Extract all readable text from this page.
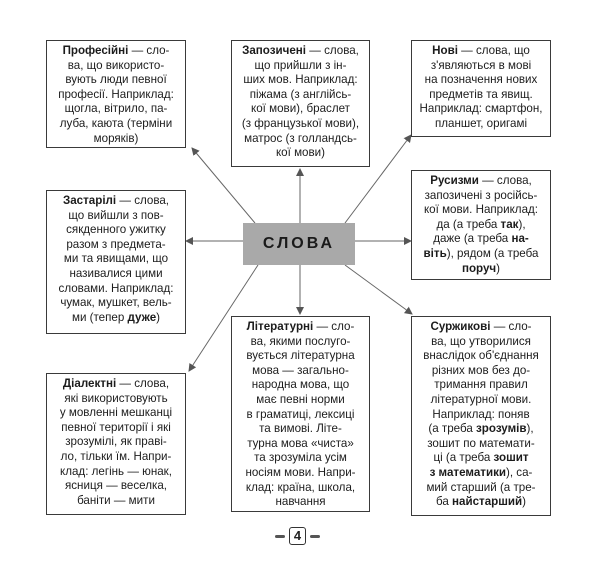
Професійні — сло-
ва, що використо-
вують люди певної
професії. Наприклад:
щогла, вітрило, па-
луба, каюта (терміни
моряків)
Запозичені — слова,
що прийшли з ін-
ших мов. Наприклад:
піжама (з англійсь-
кої мови), браслет
(з французької мови),
матрос (з голландсь-
кої мови)
Нові — слова, що
з'являються в мові
на позначення нових
предметів та явищ.
Наприклад: смартфон,
планшет, оригамі
Застарілі — слова,
що вийшли з пов-
сякденного ужитку
разом з предмета-
ми та явищами, що
називалися цими
словами. Наприклад:
чумак, мушкет, вель-
ми (тепер дуже)
Русизми — слова,
запозичені з російсь-
кої мови. Наприклад:
да (а треба так),
даже (а треба на-
віть), рядом (а треба
поруч)
Літературні — сло-
ва, якими послуго-
вується літературна
мова — загально-
народна мова, що
має певні норми
в граматиці, лексиці
та вимові. Літе-
турна мова «чиста»
та зрозуміла усім
носіям мови. Напри-
клад: країна, школа,
навчання
Діалектні — слова,
які використовують
у мовленні мешканці
певної території і які
зрозумілі, як праві-
ло, тільки їм. Напри-
клад: легінь — юнак,
ясниця — веселка,
баніти — мити
Суржикові — сло-
ва, що утворилися
внаслідок об'єднання
різних мов без до-
тримання правил
літературної мови.
Наприклад: поняв
(а треба зрозумів),
зошит по математи-
ці (а треба зошит
з математики), са-
мий старший (а тре-
ба найстарший)
СЛОВА
4
